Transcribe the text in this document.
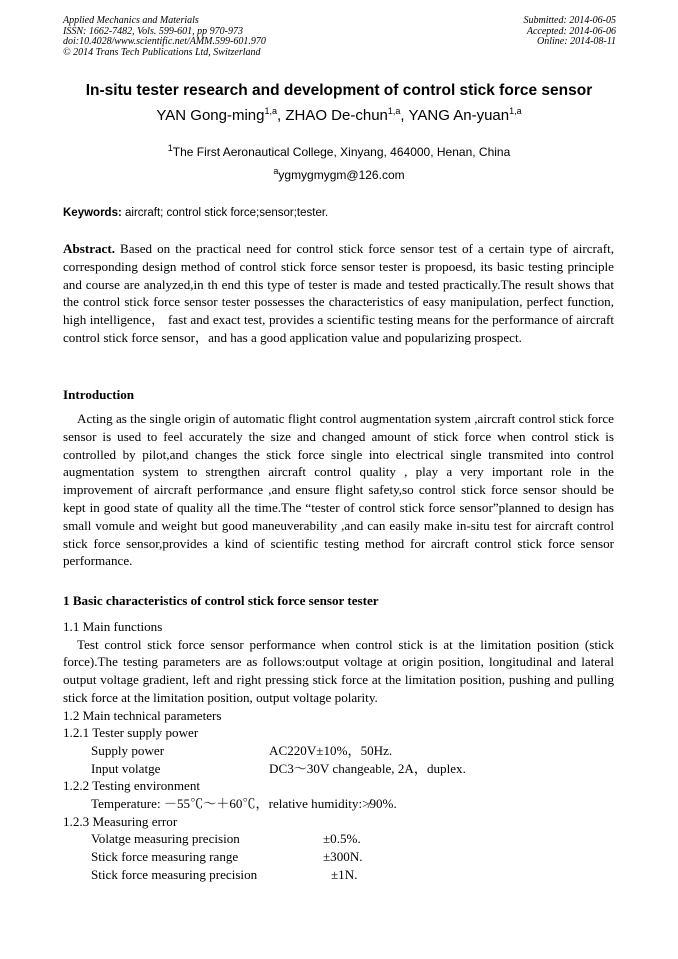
Applied Mechanics and Materials
ISSN: 1662-7482, Vols. 599-601, pp 970-973
doi:10.4028/www.scientific.net/AMM.599-601.970
© 2014 Trans Tech Publications Ltd, Switzerland
Submitted: 2014-06-05
Accepted: 2014-06-06
Online: 2014-08-11
In-situ tester research and development of control stick force sensor
YAN Gong-ming$^{1,a}$, ZHAO De-chun$^{1,a}$, YANG An-yuan$^{1,a}$
$^1$The First Aeronautical College, Xinyang, 464000, Henan, China
$^a$ygmygmygm@126.com
Keywords: aircraft; control stick force;sensor;tester.
Abstract. Based on the practical need for control stick force sensor test of a certain type of aircraft, corresponding design method of control stick force sensor tester is propoesd, its basic testing principle and course are analyzed,in th end this type of tester is made and tested practically.The result shows that the control stick force sensor tester possesses the characteristics of easy manipulation, perfect function, high intelligence， fast and exact test, provides a scientific testing means for the performance of aircraft control stick force sensor，and has a good application value and popularizing prospect.
Introduction
Acting as the single origin of automatic flight control augmentation system ,aircraft control stick force sensor is used to feel accurately the size and changed amount of stick force when control stick is controlled by pilot,and changes the stick force single into electrical single transmited into control augmentation system to strengthen aircraft control quality , play a very important role in the improvement of aircraft performance ,and ensure flight safety,so control stick force sensor should be kept in good state of quality all the time.The “tester of control stick force sensor”planned to design has small vomule and weight but good maneuverability ,and can easily make in-situ test for aircraft control stick force sensor,provides a kind of scientific testing method for aircraft control stick force sensor performance.
1 Basic characteristics of control stick force sensor tester
1.1 Main functions
Test control stick force sensor performance when control stick is at the limitation position (stick force).The testing parameters are as follows:output voltage at origin position, longitudinal and lateral output voltage gradient, left and right pressing stick force at the limitation position, pushing and pulling stick force at the limitation position, output voltage polarity.
1.2 Main technical parameters
1.2.1 Tester supply power
Supply power	AC220V±10%，50Hz.
Input volatge	DC3～30V changeable, 2A，duplex.
1.2.2 Testing environment
Temperature: －55℃～＋60℃，relative humidity:≯90%.
1.2.3 Measuring error
Volatge measuring precision	±0.5%.
Stick force measuring range	±300N.
Stick force measuring precision	±1N.
